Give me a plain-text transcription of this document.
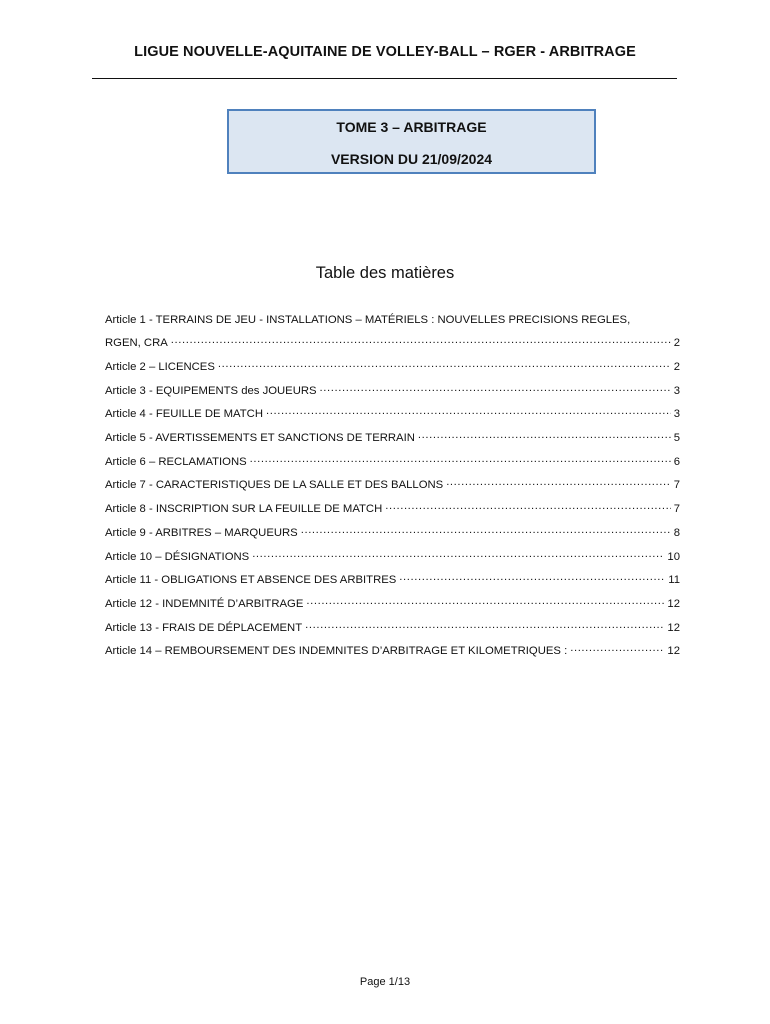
LIGUE NOUVELLE-AQUITAINE DE VOLLEY-BALL – RGER - ARBITRAGE
TOME 3 – ARBITRAGE
VERSION DU 21/09/2024
Table des matières
Article 1 - TERRAINS DE JEU - INSTALLATIONS – MATÉRIELS : NOUVELLES PRECISIONS REGLES,
RGEN, CRA .....	2
Article 2 – LICENCES .....	2
Article 3 - EQUIPEMENTS des JOUEURS .....	3
Article 4 - FEUILLE DE MATCH .....	3
Article 5 - AVERTISSEMENTS ET SANCTIONS DE TERRAIN .....	5
Article 6 – RECLAMATIONS .....	6
Article 7 - CARACTERISTIQUES DE LA SALLE ET DES BALLONS .....	7
Article 8 - INSCRIPTION SUR LA FEUILLE DE MATCH .....	7
Article 9 - ARBITRES – MARQUEURS .....	8
Article 10 – DÉSIGNATIONS .....	10
Article 11 - OBLIGATIONS ET ABSENCE DES ARBITRES .....	11
Article 12 - INDEMNITÉ D’ARBITRAGE .....	12
Article 13 - FRAIS DE DÉPLACEMENT .....	12
Article 14 – REMBOURSEMENT DES INDEMNITES D’ARBITRAGE ET KILOMETRIQUES : .....	12
Page 1/13
